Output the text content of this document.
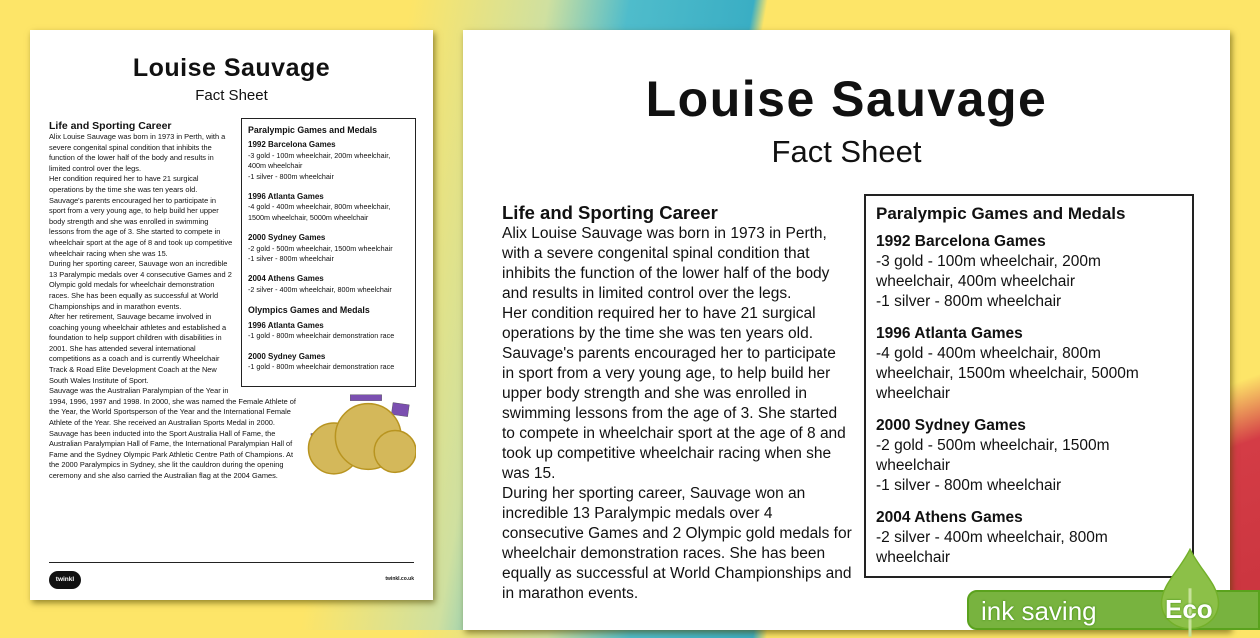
Louise Sauvage
Fact Sheet
Paralympic Games and Medals
1992 Barcelona Games
-3 gold - 100m wheelchair, 200m wheelchair, 400m wheelchair
-1 silver - 800m wheelchair
1996 Atlanta Games
-4 gold - 400m wheelchair, 800m wheelchair, 1500m wheelchair, 5000m wheelchair
2000 Sydney Games
-2 gold - 500m wheelchair, 1500m wheelchair
-1 silver - 800m wheelchair
2004 Athens Games
-2 silver - 400m wheelchair, 800m wheelchair
Olympics Games and Medals
1996 Atlanta Games
-1 gold - 800m wheelchair demonstration race
2000 Sydney Games
-1 gold - 800m wheelchair demonstration race
Life and Sporting Career

Alix Louise Sauvage was born in 1973 in Perth, with a severe congenital spinal condition that inhibits the function of the lower half of the body and results in limited control over the legs.

Her condition required her to have 21 surgical operations by the time she was ten years old.

Sauvage's parents encouraged her to participate in sport from a very young age, to help build her upper body strength and she was enrolled in swimming lessons from the age of 3. She started to compete in wheelchair sport at the age of 8 and took up competitive wheelchair racing when she was 15.

During her sporting career, Sauvage won an incredible 13 Paralympic medals over 4 consecutive Games and 2 Olympic gold medals for wheelchair demonstration races. She has been equally as successful at World Championships and in marathon events.

After her retirement, Sauvage became involved in coaching young wheelchair athletes and established a foundation to help support children with disabilities in 2001. She has attended several international competitions as a coach and is currently Wheelchair Track & Road Elite Development Coach at the New South Wales Institute of Sport.

Sauvage was the Australian Paralympian of the Year in 1994, 1996, 1997 and 1998. In 2000, she was named the Female Athlete of the Year, the World Sportsperson of the Year and the International Female Athlete of the Year. She received an Australian Sports Medal in 2000. Sauvage has been inducted into the Sport Australia Hall of Fame, the Australian Paralympian Hall of Fame, the International Paralympian Hall of Fame and the Sydney Olympic Park Athletic Centre Path of Champions. At the 2000 Paralympics in Sydney, she lit the cauldron during the opening ceremony and she also carried the Australian flag at the 2004 Games.

twinkl	twinkl.co.uk
Louise Sauvage
Fact Sheet
Paralympic Games and Medals
1992 Barcelona Games
-3 gold - 100m wheelchair, 200m wheelchair, 400m wheelchair
-1 silver - 800m wheelchair
1996 Atlanta Games
-4 gold - 400m wheelchair, 800m wheelchair, 1500m wheelchair, 5000m wheelchair
2000 Sydney Games
-2 gold - 500m wheelchair, 1500m wheelchair
-1 silver - 800m wheelchair
2004 Athens Games
-2 silver - 400m wheelchair, 800m wheelchair
Life and Sporting Career

Alix Louise Sauvage was born in 1973 in Perth, with a severe congenital spinal condition that inhibits the function of the lower half of the body and results in limited control over the legs.

Her condition required her to have 21 surgical operations by the time she was ten years old.

Sauvage's parents encouraged her to participate in sport from a very young age, to help build her upper body strength and she was enrolled in swimming lessons from the age of 3. She started to compete in wheelchair sport at the age of 8 and took up competitive wheelchair racing when she was 15.

During her sporting career, Sauvage won an incredible 13 Paralympic medals over 4 consecutive Games and 2 Olympic gold medals for wheelchair demonstration races. She has been equally as successful at World Championships and in marathon events.

ink saving	Eco
